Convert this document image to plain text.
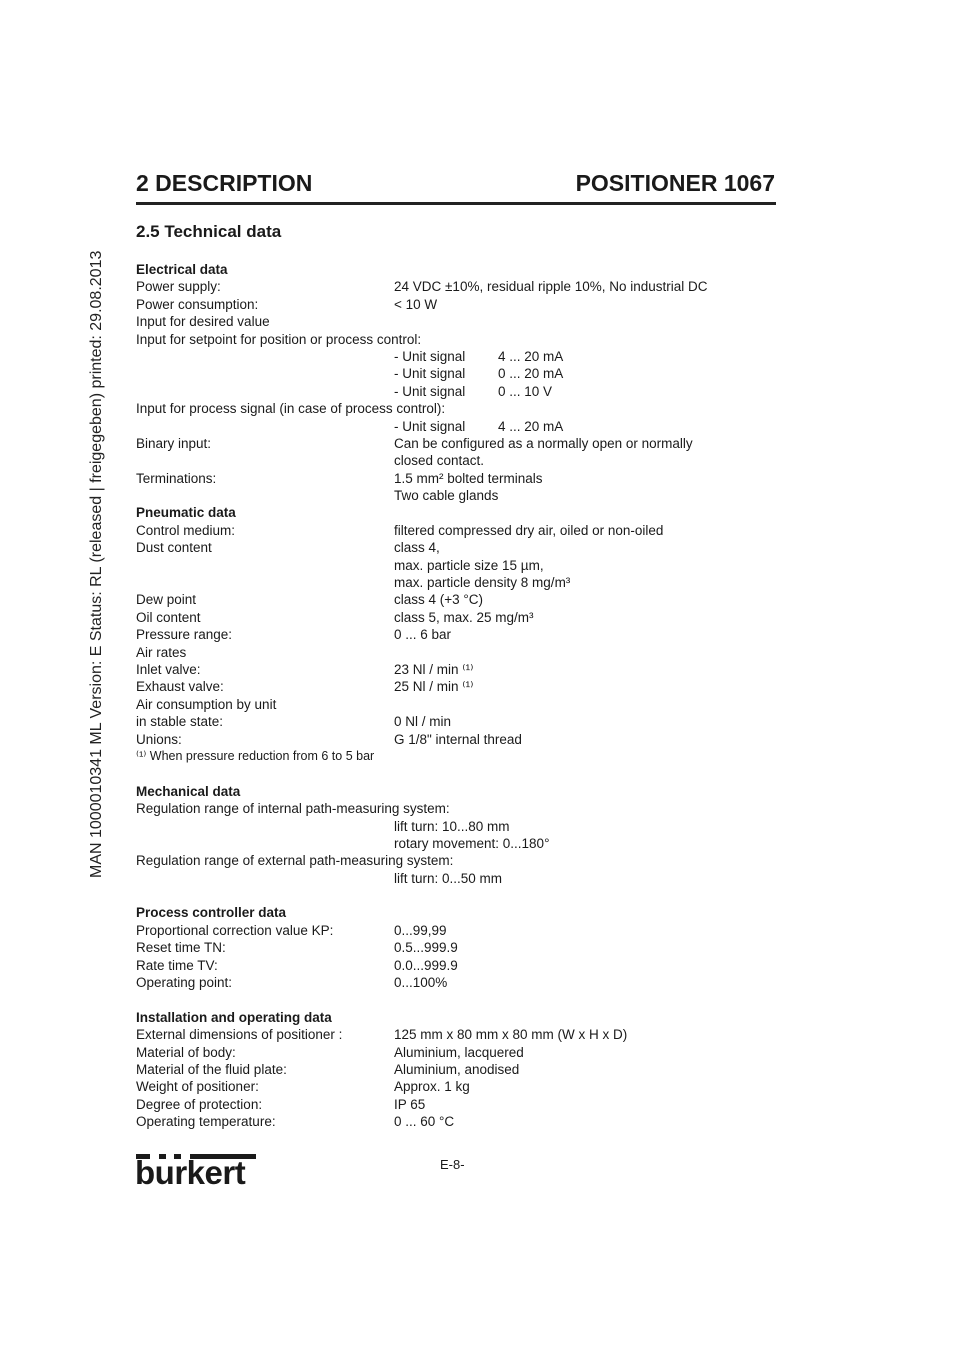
MAN 1000010341 ML Version: E Status: RL (released | freigegeben) printed: 29.08.2013
2 DESCRIPTION	POSITIONER 1067
2.5 Technical data
Electrical data
Power supply:	24 VDC ±10%, residual ripple 10%, No industrial DC
Power consumption:	< 10 W
Input for desired value
Input for setpoint for position or process control:
- Unit signal 4 ... 20 mA
- Unit signal 0 ... 20 mA
- Unit signal 0 ... 10 V
Input for process signal (in case of process control):
- Unit signal 4 ... 20 mA
Binary input:	Can be configured as a normally open or normally
closed contact.
Terminations:	1.5 mm² bolted terminals
Two cable glands
Pneumatic data
Control medium:	filtered compressed dry air, oiled or non-oiled
Dust content	class 4,
max. particle size 15 µm,
max. particle density 8 mg/m³
Dew point	class 4 (+3 °C)
Oil content	class 5, max. 25 mg/m³
Pressure range:	0 ... 6 bar
Air rates
Inlet valve:	23 Nl / min ⁽¹⁾
Exhaust valve:	25 Nl / min ⁽¹⁾
Air consumption by unit
in stable state:	0 Nl / min
Unions:	G 1/8" internal thread
⁽¹⁾ When pressure reduction from 6 to 5 bar
Mechanical data
Regulation range of internal path-measuring system:
lift turn: 10...80 mm
rotary movement: 0...180°
Regulation range of external path-measuring system:
lift turn: 0...50 mm
Process controller data
Proportional correction value KP:	0...99,99
Reset time TN:	0.5...999.9
Rate time TV:	0.0...999.9
Operating point:	0...100%
Installation and operating data
External dimensions of positioner :	125 mm x 80 mm x 80 mm (W x H x D)
Material of body:	Aluminium, lacquered
Material of the fluid plate:	Aluminium, anodised
Weight of positioner:	Approx. 1 kg
Degree of protection:	IP 65
Operating temperature:	0 ... 60 °C
burkert	E-8-
